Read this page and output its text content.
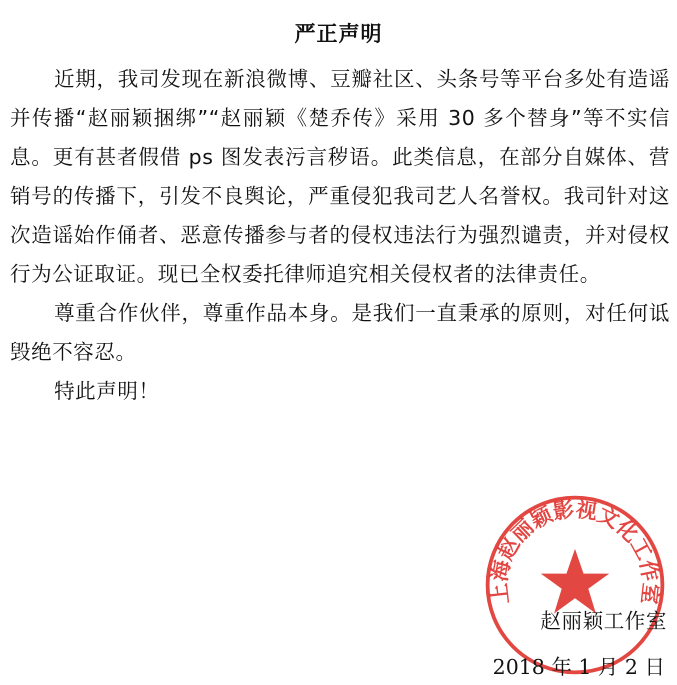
严正声明

近期，我司发现在新浪微博、豆瓣社区、头条号等平台多处有造谣并传播“赵丽颖捆绑”“赵丽颖《楚乔传》采用 30 多个替身”等不实信息。更有甚者假借 ps 图发表污言秽语。此类信息，在部分自媒体、营销号的传播下，引发不良舆论，严重侵犯我司艺人名誉权。我司针对这次造谣始作俑者、恶意传播参与者的侵权违法行为强烈谴责，并对侵权行为公证取证。现已全权委托律师追究相关侵权者的法律责任。

尊重合作伙伴，尊重作品本身。是我们一直秉承的原则，对任何诋毁绝不容忍。

特此声明！

上海赵丽颖影视文化工作室
赵丽颖工作室
2018 年 1 月 2 日
